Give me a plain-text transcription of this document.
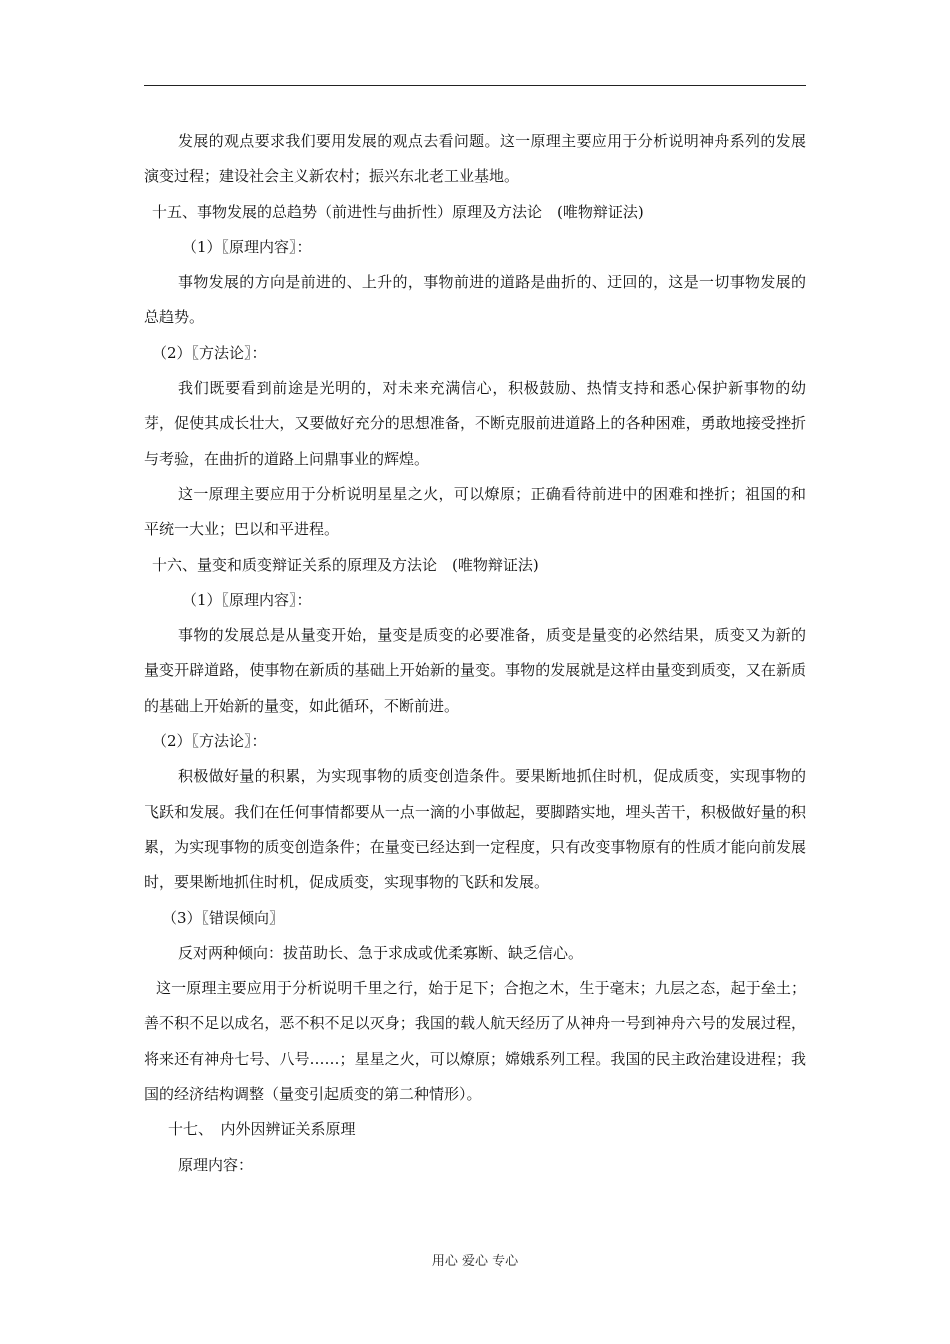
发展的观点要求我们要用发展的观点去看问题。这一原理主要应用于分析说明神舟系列的发展演变过程；建设社会主义新农村；振兴东北老工业基地。

十五、事物发展的总趋势（前进性与曲折性）原理及方法论　(唯物辩证法)

（1）〖原理内容〗：

事物发展的方向是前进的、上升的，事物前进的道路是曲折的、迂回的，这是一切事物发展的总趋势。

（2）〖方法论〗：

我们既要看到前途是光明的，对未来充满信心，积极鼓励、热情支持和悉心保护新事物的幼芽，促使其成长壮大，又要做好充分的思想准备，不断克服前进道路上的各种困难，勇敢地接受挫折与考验，在曲折的道路上问鼎事业的辉煌。

这一原理主要应用于分析说明星星之火，可以燎原；正确看待前进中的困难和挫折；祖国的和平统一大业；巴以和平进程。

十六、量变和质变辩证关系的原理及方法论　(唯物辩证法)

（1）〖原理内容〗：

事物的发展总是从量变开始，量变是质变的必要准备，质变是量变的必然结果，质变又为新的量变开辟道路，使事物在新质的基础上开始新的量变。事物的发展就是这样由量变到质变，又在新质的基础上开始新的量变，如此循环，不断前进。

（2）〖方法论〗：

积极做好量的积累，为实现事物的质变创造条件。要果断地抓住时机，促成质变，实现事物的飞跃和发展。我们在任何事情都要从一点一滴的小事做起，要脚踏实地，埋头苦干，积极做好量的积累，为实现事物的质变创造条件；在量变已经达到一定程度，只有改变事物原有的性质才能向前发展时，要果断地抓住时机，促成质变，实现事物的飞跃和发展。

（3）〖错误倾向〗

反对两种倾向：拔苗助长、急于求成或优柔寡断、缺乏信心。

这一原理主要应用于分析说明千里之行，始于足下；合抱之木，生于毫末；九层之态，起于垒土；善不积不足以成名，恶不积不足以灭身；我国的载人航天经历了从神舟一号到神舟六号的发展过程，将来还有神舟七号、八号……；星星之火，可以燎原；嫦娥系列工程。我国的民主政治建设进程；我国的经济结构调整（量变引起质变的第二种情形）。

十七、　内外因辨证关系原理

原理内容：

用心 爱心 专心
